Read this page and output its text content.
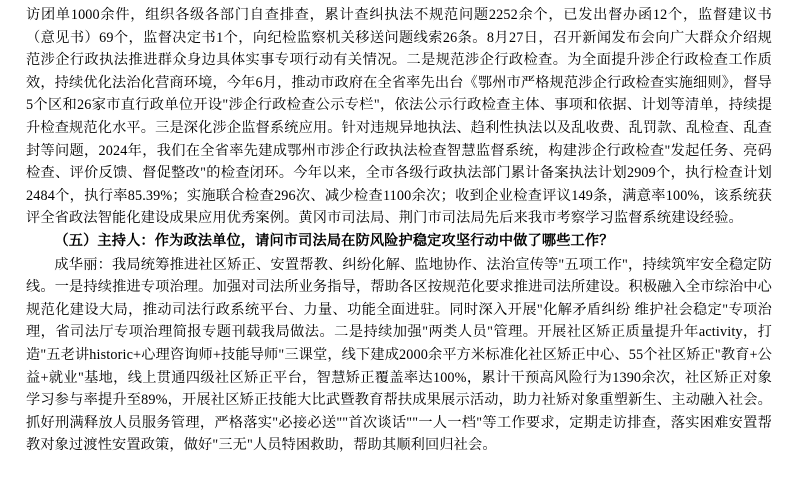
访团单1000余件，组织各级各部门自查排查，累计查纠执法不规范问题2252余个，已发出督办函12个，监督建议书（意见书）69个，监督决定书1个，向纪检监察机关移送问题线索26条。8月27日，召开新闻发布会向广大群众介绍规范涉企行政执法推进群众身边具体实事专项行动有关情况。二是规范涉企行政检查。为全面提升涉企行政检查工作质效，持续优化法治化营商环境，今年6月，推动市政府在全省率先出台《鄂州市严格规范涉企行政检查实施细则》，督导5个区和26家市直行政单位开设"涉企行政检查公示专栏"，依法公示行政检查主体、事项和依据、计划等清单，持续提升检查规范化水平。三是深化涉企监督系统应用。针对违规异地执法、趋利性执法以及乱收费、乱罚款、乱检查、乱查封等问题，2024年，我们在全省率先建成鄂州市涉企行政执法检查智慧监督系统，构建涉企行政检查"发起任务、亮码检查、评价反馈、督促整改"的检查闭环。今年以来，全市各级行政执法部门累计备案执法计划2909个，执行检查计划2484个，执行率85.39%；实施联合检查296次、减少检查1100余次；收到企业检查评议149条，满意率100%，该系统获评全省政法智能化建设成果应用优秀案例。黄冈市司法局、荆门市司法局先后来我市考察学习监督系统建设经验。

（五）主持人：作为政法单位，请问市司法局在防风险护稳定攻坚行动中做了哪些工作？

成华丽：我局统筹推进社区矫正、安置帮教、纠纷化解、监地协作、法治宣传等"五项工作"，持续筑牢安全稳定防线。一是持续推进专项治理。加强对司法所业务指导，帮助各区按规范化要求推进司法所建设。积极融入全市综治中心规范化建设大局，推动司法行政系统平台、力量、功能全面进驻。同时深入开展"化解矛盾纠纷 维护社会稳定"专项治理，省司法厅专项治理简报专题刊载我局做法。二是持续加强"两类人员"管理。开展社区矫正质量提升年activity，打造"五老讲historic+心理咨询师+技能导师"三课堂，线下建成2000余平方米标准化社区矫正中心、55个社区矫正"教育+公益+就业"基地，线上贯通四级社区矫正平台，智慧矫正覆盖率达100%，累计干预高风险行为1390余次，社区矫正对象学习参与率提升至89%，开展社区矫正技能大比武暨教育帮扶成果展示活动，助力社矫对象重塑新生、主动融入社会。抓好刑满释放人员服务管理，严格落实"必接必送""首次谈话""一人一档"等工作要求，定期走访排查，落实困难安置帮教对象过渡性安置政策，做好"三无"人员特困救助，帮助其顺利回归社会。
